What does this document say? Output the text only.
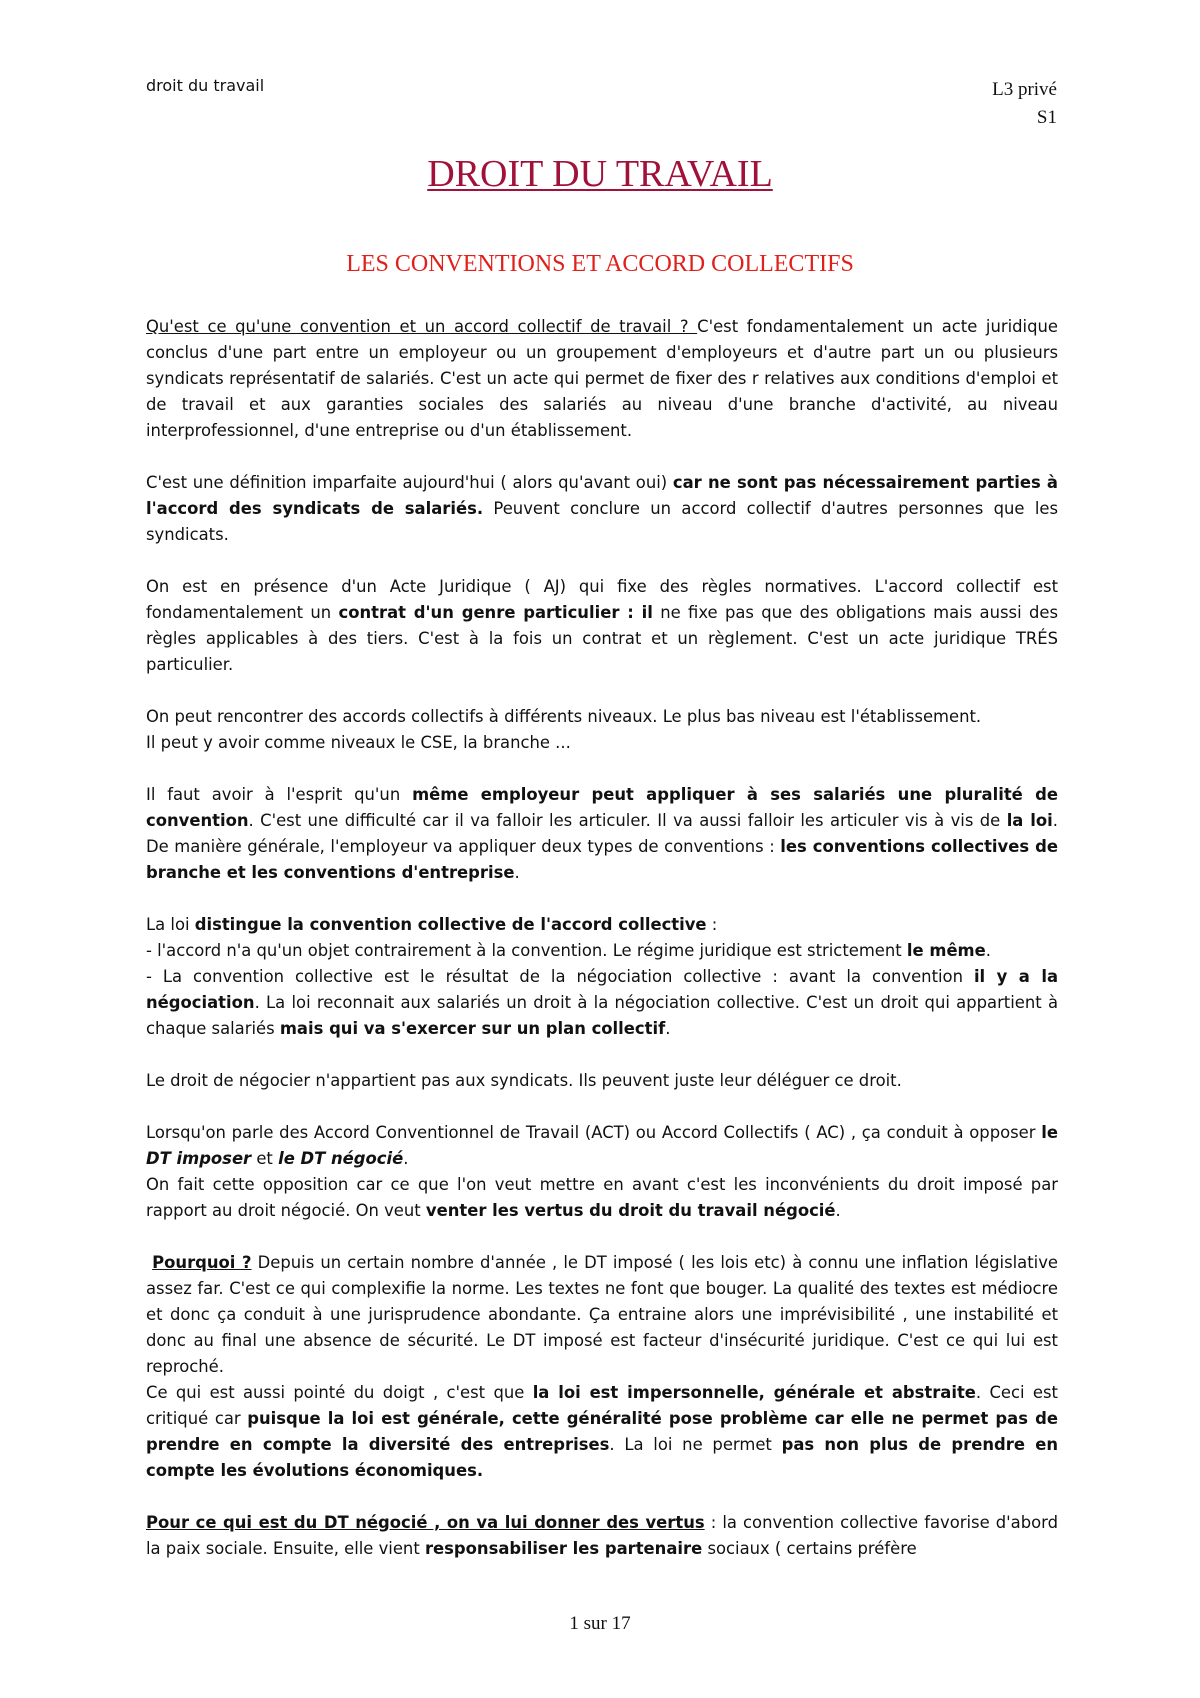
droit du travail	L3 privé
S1
DROIT DU TRAVAIL
LES CONVENTIONS ET ACCORD COLLECTIFS

Qu'est ce qu'une convention et un accord collectif de travail ? C'est fondamentalement un acte juridique conclus d'une part entre un employeur ou un groupement d'employeurs et d'autre part un ou plusieurs syndicats représentatif de salariés. C'est un acte qui permet de fixer des r relatives aux conditions d'emploi et de travail et aux garanties sociales des salariés au niveau d'une branche d'activité, au niveau interprofessionnel, d'une entreprise ou d'un établissement.

C'est une définition imparfaite aujourd'hui ( alors qu'avant oui) car ne sont pas nécessairement parties à l'accord des syndicats de salariés. Peuvent conclure un accord collectif d'autres personnes que les syndicats.

On est en présence d'un Acte Juridique ( AJ) qui fixe des règles normatives. L'accord collectif est fondamentalement un contrat d'un genre particulier : il ne fixe pas que des obligations mais aussi des règles applicables à des tiers. C'est à la fois un contrat et un règlement. C'est un acte juridique TRÉS particulier.

On peut rencontrer des accords collectifs à différents niveaux. Le plus bas niveau est l'établissement.
Il peut y avoir comme niveaux le CSE, la branche ...

Il faut avoir à l'esprit qu'un même employeur peut appliquer à ses salariés une pluralité de convention. C'est une difficulté car il va falloir les articuler. Il va aussi falloir les articuler vis à vis de la loi. De manière générale, l'employeur va appliquer deux types de conventions : les conventions collectives de branche et les conventions d'entreprise.

La loi distingue la convention collective de l'accord collective :
- l'accord n'a qu'un objet contrairement à la convention. Le régime juridique est strictement le même.
- La convention collective est le résultat de la négociation collective : avant la convention il y a la négociation. La loi reconnait aux salariés un droit à la négociation collective. C'est un droit qui appartient à chaque salariés mais qui va s'exercer sur un plan collectif.

Le droit de négocier n'appartient pas aux syndicats. Ils peuvent juste leur déléguer ce droit.

Lorsqu'on parle des Accord Conventionnel de Travail (ACT) ou Accord Collectifs ( AC) , ça conduit à opposer le DT imposer et le DT négocié.
On fait cette opposition car ce que l'on veut mettre en avant c'est les inconvénients du droit imposé par rapport au droit négocié. On veut venter les vertus du droit du travail négocié.

Pourquoi ? Depuis un certain nombre d'année , le DT imposé ( les lois etc) à connu une inflation législative assez far. C'est ce qui complexifie la norme. Les textes ne font que bouger. La qualité des textes est médiocre et donc ça conduit à une jurisprudence abondante. Ça entraine alors une imprévisibilité , une instabilité et donc au final une absence de sécurité. Le DT imposé est facteur d'insécurité juridique. C'est ce qui lui est reproché.
Ce qui est aussi pointé du doigt , c'est que la loi est impersonnelle, générale et abstraite. Ceci est critiqué car puisque la loi est générale, cette généralité pose problème car elle ne permet pas de prendre en compte la diversité des entreprises. La loi ne permet pas non plus de prendre en compte les évolutions économiques.

Pour ce qui est du DT négocié , on va lui donner des vertus : la convention collective favorise d'abord la paix sociale. Ensuite, elle vient responsabiliser les partenaire sociaux ( certains préfère

1 sur 17
